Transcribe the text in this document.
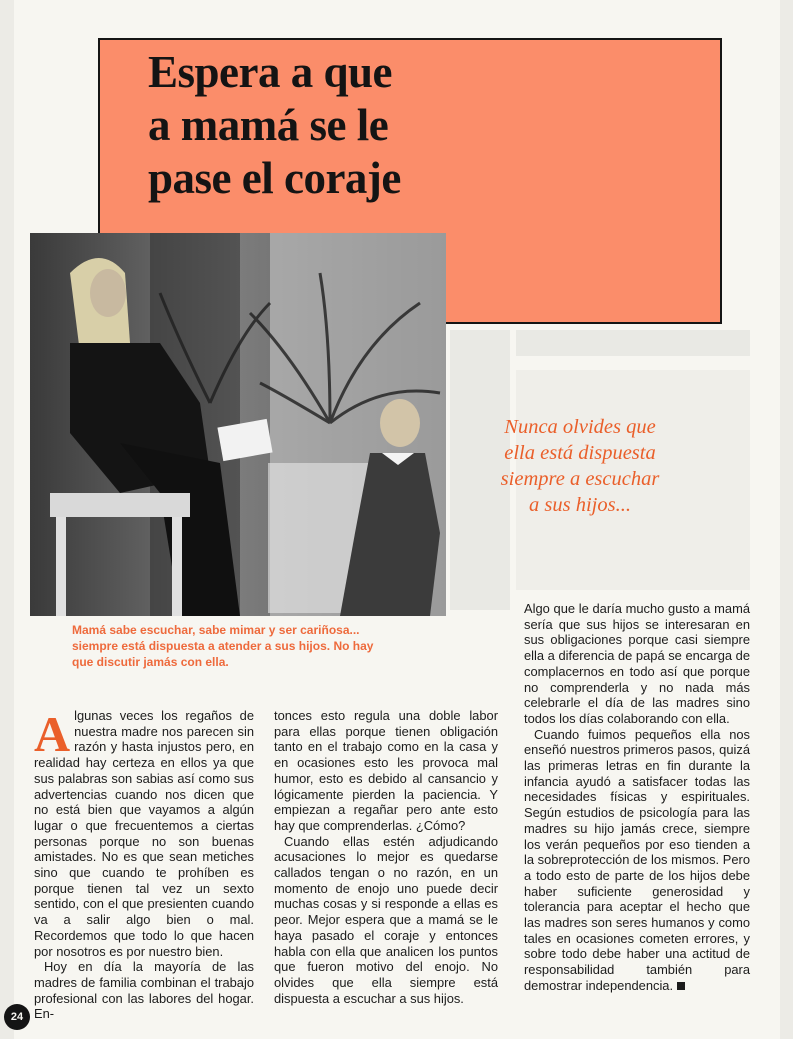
Espera a que
a mamá se le
pase el coraje

Mamá sabe escuchar, sabe mimar y ser cariñosa...
siempre está dispuesta a atender a sus hijos. No hay
que discutir jamás con ella.

Nunca olvides que
ella está dispuesta
siempre a escuchar
a sus hijos...

Algunas veces los regaños de nuestra madre nos parecen sin razón y hasta injustos pero, en realidad hay certeza en ellos ya que sus palabras son sabias así como sus advertencias cuando nos dicen que no está bien que vayamos a algún lugar o que frecuentemos a ciertas personas porque no son buenas amistades. No es que sean metiches sino que cuando te prohíben es porque tienen tal vez un sexto sentido, con el que presienten cuando va a salir algo bien o mal. Recordemos que todo lo que hacen por nosotros es por nuestro bien.

Hoy en día la mayoría de las madres de familia combinan el trabajo profesional con las labores del hogar. En-

tonces esto regula una doble labor para ellas porque tienen obligación tanto en el trabajo como en la casa y en ocasiones esto les provoca mal humor, esto es debido al cansancio y lógicamente pierden la paciencia. Y empiezan a regañar pero ante esto hay que comprenderlas. ¿Cómo?

Cuando ellas estén adjudicando acusaciones lo mejor es quedarse callados tengan o no razón, en un momento de enojo uno puede decir muchas cosas y si responde a ellas es peor. Mejor espera que a mamá se le haya pasado el coraje y entonces habla con ella que analicen los puntos que fueron motivo del enojo. No olvides que ella siempre está dispuesta a escuchar a sus hijos.

Algo que le daría mucho gusto a mamá sería que sus hijos se interesaran en sus obligaciones porque casi siempre ella a diferencia de papá se encarga de complacernos en todo así que porque no comprenderla y no nada más celebrarle el día de las madres sino todos los días colaborando con ella.

Cuando fuimos pequeños ella nos enseñó nuestros primeros pasos, quizá las primeras letras en fin durante la infancia ayudó a satisfacer todas las necesidades físicas y espirituales. Según estudios de psicología para las madres su hijo jamás crece, siempre los verán pequeños por eso tienden a la sobreprotección de los mismos. Pero a todo esto de parte de los hijos debe haber suficiente generosidad y tolerancia para aceptar el hecho que las madres son seres humanos y como tales en ocasiones cometen errores, y sobre todo debe haber una actitud de responsabilidad también para demostrar independencia.

24
